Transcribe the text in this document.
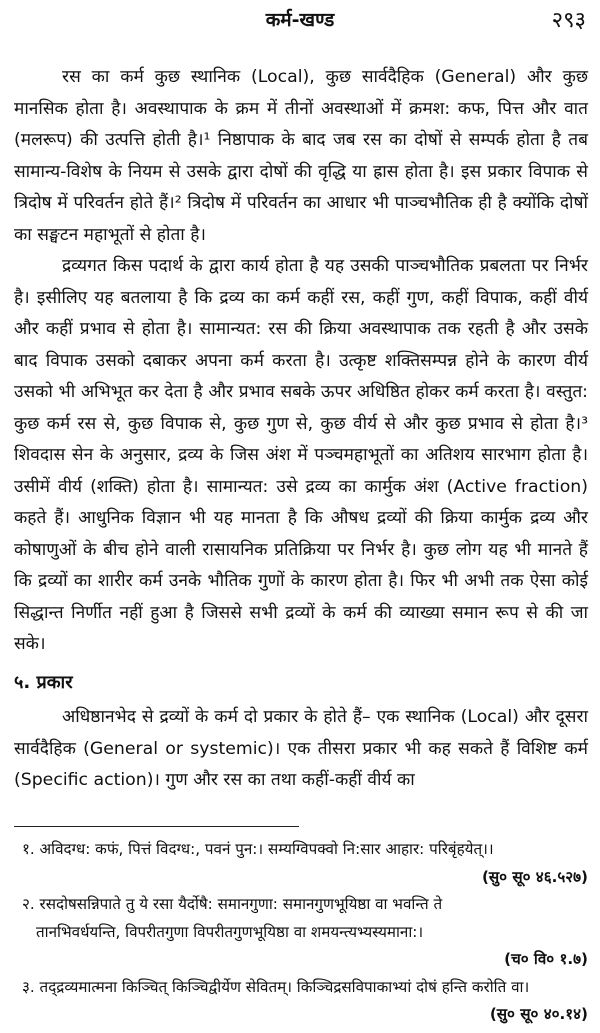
कर्म-खण्ड	२९३

रस का कर्म कुछ स्थानिक (Local), कुछ सार्वदैहिक (General) और कुछ मानसिक होता है। अवस्थापाक के क्रम में तीनों अवस्थाओं में क्रमश: कफ, पित्त और वात (मलरूप) की उत्पत्ति होती है।¹ निष्ठापाक के बाद जब रस का दोषों से सम्पर्क होता है तब सामान्य-विशेष के नियम से उसके द्वारा दोषों की वृद्धि या ह्रास होता है। इस प्रकार विपाक से त्रिदोष में परिवर्तन होते हैं।² त्रिदोष में परिवर्तन का आधार भी पाञ्चभौतिक ही है क्योंकि दोषों का सङ्घटन महाभूतों से होता है।

द्रव्यगत किस पदार्थ के द्वारा कार्य होता है यह उसकी पाञ्चभौतिक प्रबलता पर निर्भर है। इसीलिए यह बतलाया है कि द्रव्य का कर्म कहीं रस, कहीं गुण, कहीं विपाक, कहीं वीर्य और कहीं प्रभाव से होता है। सामान्यत: रस की क्रिया अवस्थापाक तक रहती है और उसके बाद विपाक उसको दबाकर अपना कर्म करता है। उत्कृष्ट शक्तिसम्पन्न होने के कारण वीर्य उसको भी अभिभूत कर देता है और प्रभाव सबके ऊपर अधिष्ठित होकर कर्म करता है। वस्तुत: कुछ कर्म रस से, कुछ विपाक से, कुछ गुण से, कुछ वीर्य से और कुछ प्रभाव से होता है।³ शिवदास सेन के अनुसार, द्रव्य के जिस अंश में पञ्चमहाभूतों का अतिशय सारभाग होता है। उसीमें वीर्य (शक्ति) होता है। सामान्यत: उसे द्रव्य का कार्मुक अंश (Active fraction) कहते हैं। आधुनिक विज्ञान भी यह मानता है कि औषध द्रव्यों की क्रिया कार्मुक द्रव्य और कोषाणुओं के बीच होने वाली रासायनिक प्रतिक्रिया पर निर्भर है। कुछ लोग यह भी मानते हैं कि द्रव्यों का शारीर कर्म उनके भौतिक गुणों के कारण होता है। फिर भी अभी तक ऐसा कोई सिद्धान्त निर्णीत नहीं हुआ है जिससे सभी द्रव्यों के कर्म की व्याख्या समान रूप से की जा सके।

५. प्रकार

अधिष्ठानभेद से द्रव्यों के कर्म दो प्रकार के होते हैं– एक स्थानिक (Local) और दूसरा सार्वदैहिक (General or systemic)। एक तीसरा प्रकार भी कह सकते हैं विशिष्ट कर्म (Specific action)। गुण और रस का तथा कहीं-कहीं वीर्य का

१. अविदग्ध: कफं, पित्तं विदग्ध:, पवनं पुन:। सम्यग्विपक्वो नि:सार आहार: परिबृंहयेत्।।
(सु० सू० ४६.५२७)
२. रसदोषसन्निपाते तु ये रसा यैर्दोषै: समानगुणा: समानगुणभूयिष्ठा वा भवन्ति ते
तानभिवर्धयन्ति, विपरीतगुणा विपरीतगुणभूयिष्ठा वा शमयन्त्यभ्यस्यमाना:।
(च० वि० १.७)
३. तद्द्रव्यमात्मना किञ्चित् किञ्चिद्वीर्येण सेवितम्। किञ्चिद्रसविपाकाभ्यां दोषं हन्ति करोति वा।
(सु० सू० ४०.१४)
